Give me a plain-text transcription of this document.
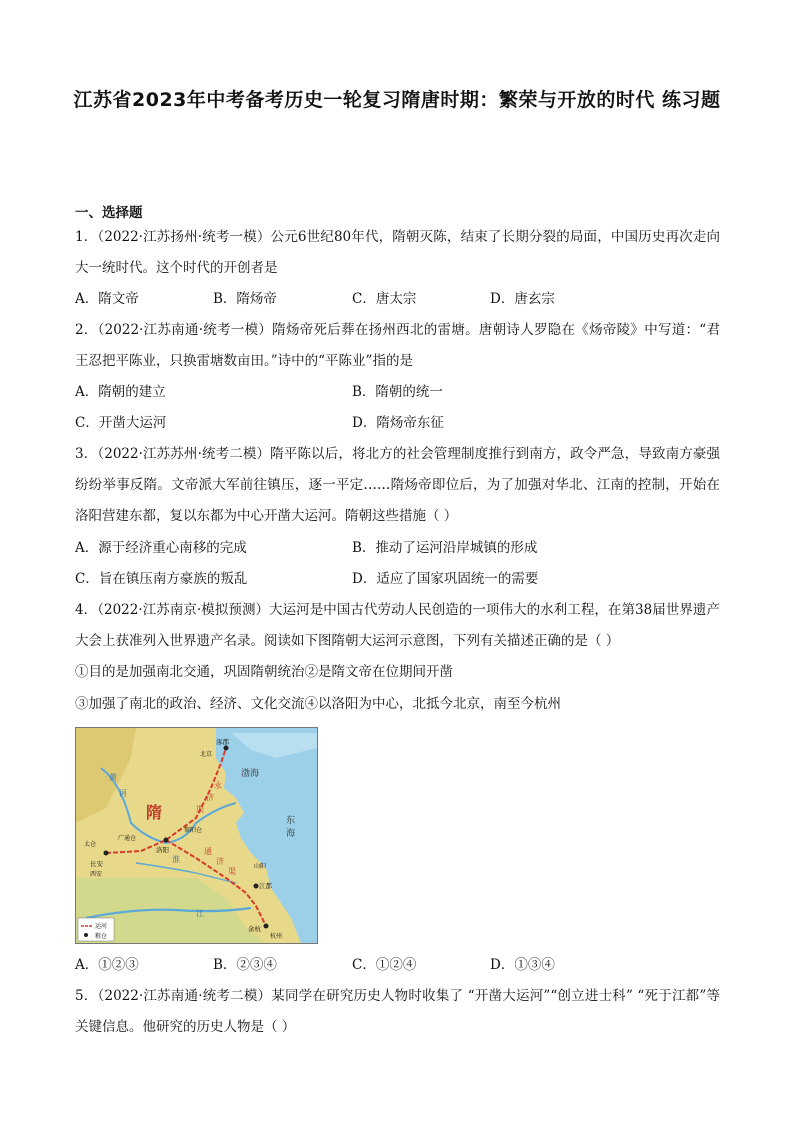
江苏省2023年中考备考历史一轮复习隋唐时期：繁荣与开放的时代 练习题
一、选择题
1．（2022·江苏扬州·统考一模）公元6世纪80年代，隋朝灭陈，结束了长期分裂的局面，中国历史再次走向大一统时代。这个时代的开创者是
A．隋文帝	B．隋炀帝	C．唐太宗	D．唐玄宗
2．（2022·江苏南通·统考一模）隋炀帝死后葬在扬州西北的雷塘。唐朝诗人罗隐在《炀帝陵》中写道：“君王忍把平陈业，只换雷塘数亩田。”诗中的“平陈业”指的是
A．隋朝的建立	B．隋朝的统一
C．开凿大运河	D．隋炀帝东征
3．（2022·江苏苏州·统考二模）隋平陈以后，将北方的社会管理制度推行到南方，政令严急，导致南方豪强纷纷举事反隋。文帝派大军前往镇压，逐一平定……隋炀帝即位后，为了加强对华北、江南的控制，开始在洛阳营建东都，复以东都为中心开凿大运河。隋朝这些措施（ ）
A．源于经济重心南移的完成	B．推动了运河沿岸城镇的形成
C．旨在镇压南方豪族的叛乱	D．适应了国家巩固统一的需要
4．（2022·江苏南京·模拟预测）大运河是中国古代劳动人民创造的一项伟大的水利工程，在第38届世界遗产大会上获准列入世界遗产名录。阅读如下图隋朝大运河示意图，下列有关描述正确的是（ ）
①目的是加强南北交通，巩固隋朝统治②是隋文帝在位期间开凿
③加强了南北的政治、经济、文化交流④以洛阳为中心，北抵今北京，南至今杭州
隋
渤海
东
海
黄
河
淮
江
涿郡
北京
长安
西安
洛阳
江都
余杭
杭州
太仓
广通仓
黎阳仓
山阳
永
济
渠
通
济
渠
运河
粮仓
A．①②③	B．②③④	C．①②④	D．①③④
5．（2022·江苏南通·统考二模）某同学在研究历史人物时收集了 “开凿大运河”“创立进士科” “死于江都”等关键信息。他研究的历史人物是（ ）
